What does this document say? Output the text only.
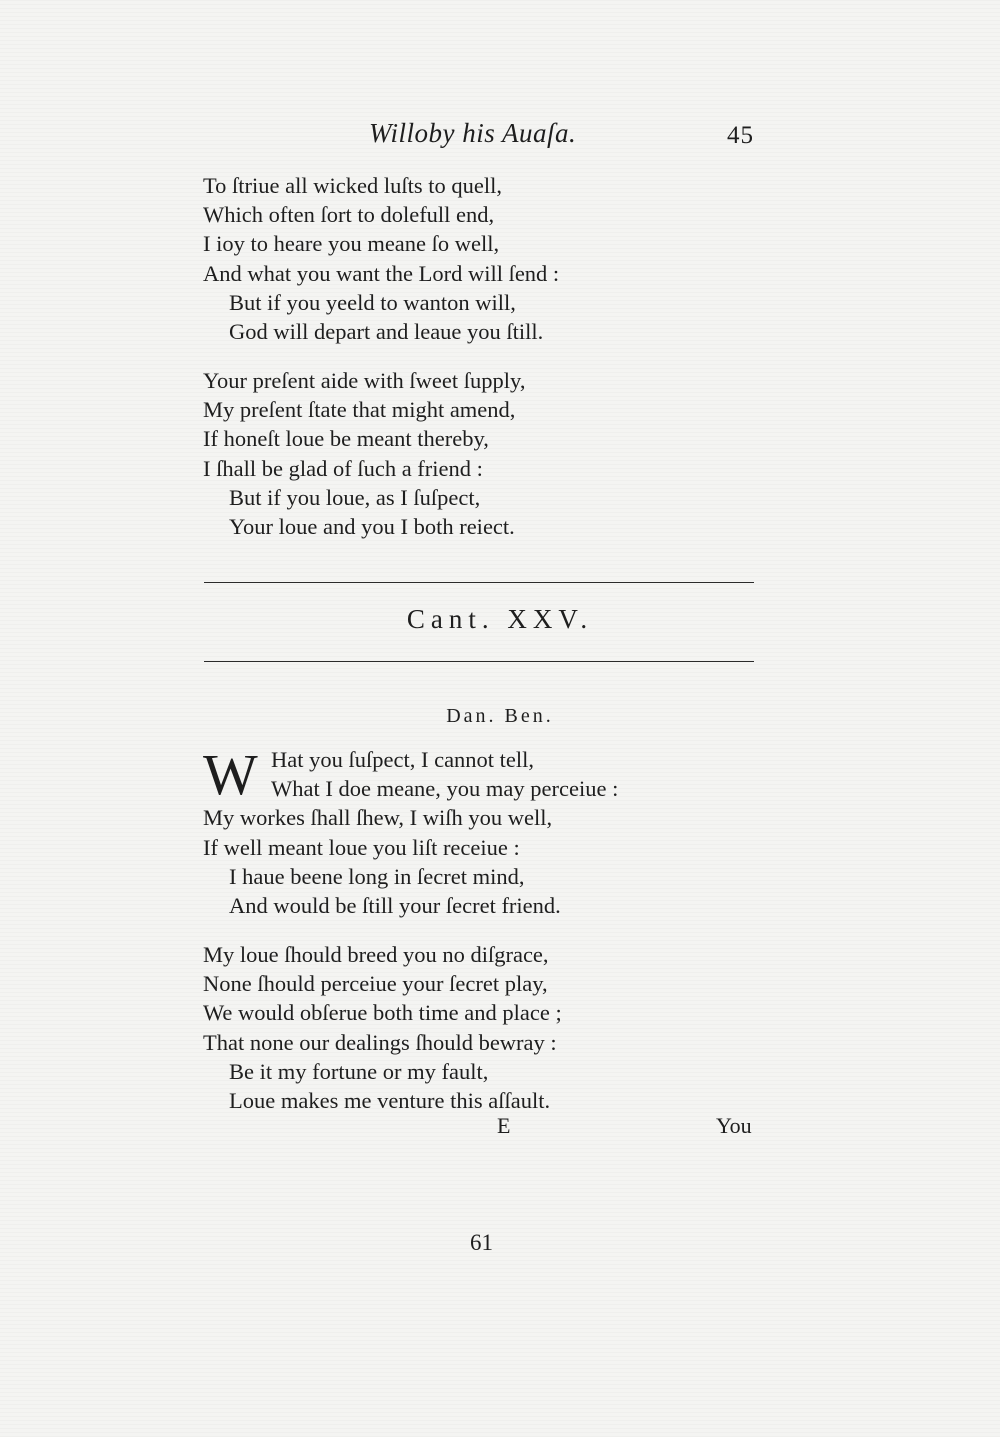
Willoby his Auaſa.	45
To ſtriue all wicked luſts to quell,
Which often ſort to dolefull end,
I ioy to heare you meane ſo well,
And what you want the Lord will ſend :
But if you yeeld to wanton will,
God will depart and leaue you ſtill.
Your preſent aide with ſweet ſupply,
My preſent ſtate that might amend,
If honeſt loue be meant thereby,
I ſhall be glad of ſuch a friend :
But if you loue, as I ſuſpect,
Your loue and you I both reiect.
Cant. XXV.
Dan. Ben.
W Hat you ſuſpect, I cannot tell,
What I doe meane, you may perceiue :
My workes ſhall ſhew, I wiſh you well,
If well meant loue you liſt receiue :
I haue beene long in ſecret mind,
And would be ſtill your ſecret friend.
My loue ſhould breed you no diſgrace,
None ſhould perceiue your ſecret play,
We would obſerue both time and place ;
That none our dealings ſhould bewray :
Be it my fortune or my fault,
Loue makes me venture this aſſault.
E	You
61
